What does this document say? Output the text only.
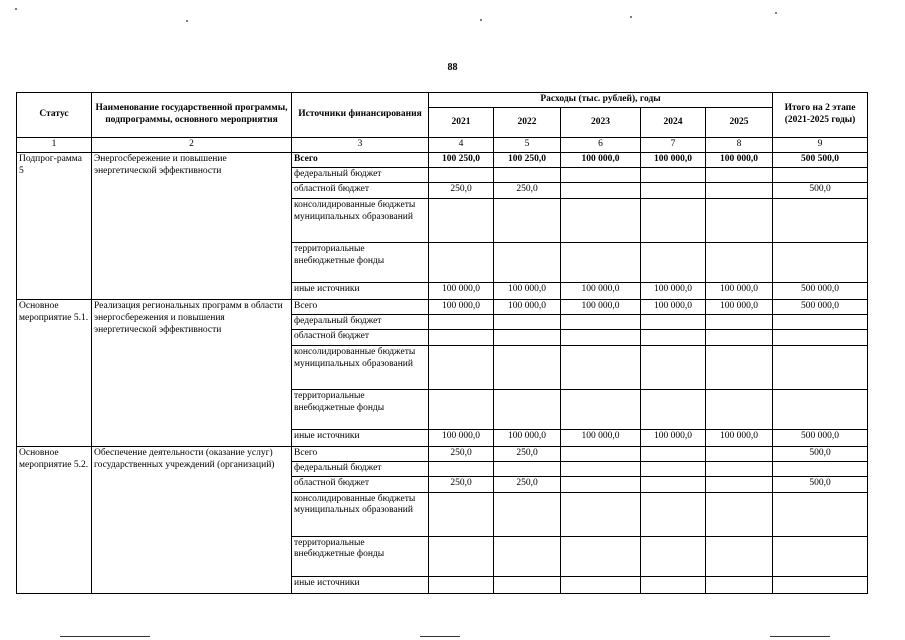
88
Статус	Наименование государственной программы, подпрограммы, основного мероприятия	Источники финансирования	Расходы (тыс. рублей), годы					Итого на 2 этапе (2021-2025 годы)
			2021	2022	2023	2024	2025	
1	2	3	4	5	6	7	8	9
Подпрог-рамма 5	Энергосбережение и повышение энергетической эффективности	Всего	100 250,0	100 250,0	100 000,0	100 000,0	100 000,0	500 500,0
		федеральный бюджет						
		областной бюджет	250,0	250,0				500,0
		консолидированные бюджеты муниципальных образований						
		территориальные внебюджетные фонды						
		иные источники	100 000,0	100 000,0	100 000,0	100 000,0	100 000,0	500 000,0
Основное мероприятие 5.1.	Реализация региональных программ в области энергосбережения и повышения энергетической эффективности	Всего	100 000,0	100 000,0	100 000,0	100 000,0	100 000,0	500 000,0
		федеральный бюджет						
		областной бюджет						
		консолидированные бюджеты муниципальных образований						
		территориальные внебюджетные фонды						
		иные источники	100 000,0	100 000,0	100 000,0	100 000,0	100 000,0	500 000,0
Основное мероприятие 5.2.	Обеспечение деятельности (оказание услуг) государственных учреждений (организаций)	Всего	250,0	250,0				500,0
		федеральный бюджет						
		областной бюджет	250,0	250,0				500,0
		консолидированные бюджеты муниципальных образований						
		территориальные внебюджетные фонды						
		иные источники						
